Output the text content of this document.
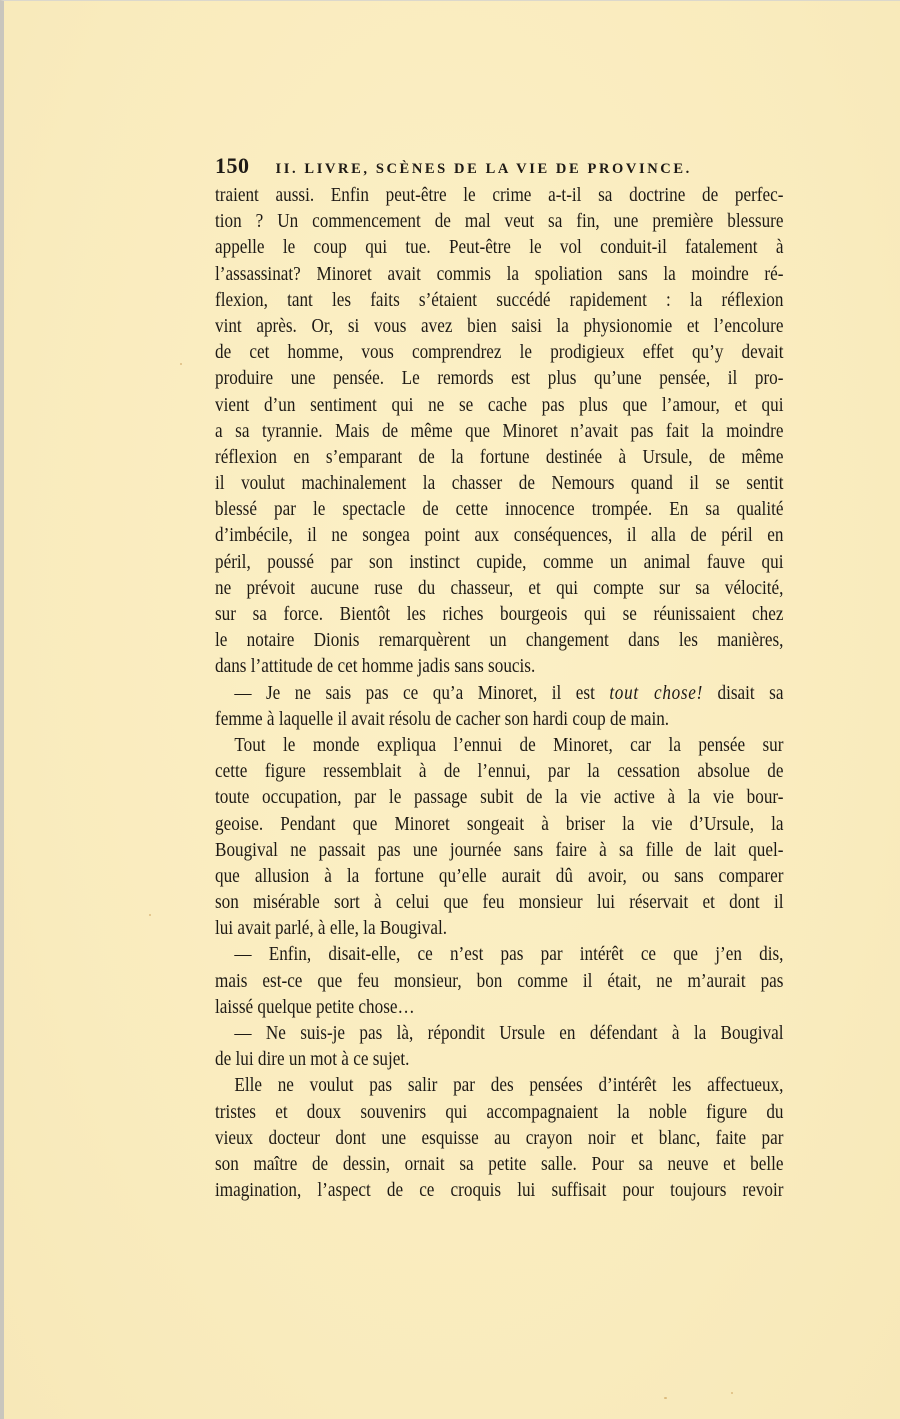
150 II. LIVRE, SCÈNES DE LA VIE DE PROVINCE.
traient aussi. Enfin peut-être le crime a-t-il sa doctrine de perfec-
tion ? Un commencement de mal veut sa fin, une première blessure
appelle le coup qui tue. Peut-être le vol conduit-il fatalement à
l’assassinat? Minoret avait commis la spoliation sans la moindre ré-
flexion, tant les faits s’étaient succédé rapidement : la réflexion
vint après. Or, si vous avez bien saisi la physionomie et l’encolure
de cet homme, vous comprendrez le prodigieux effet qu’y devait
produire une pensée. Le remords est plus qu’une pensée, il pro-
vient d’un sentiment qui ne se cache pas plus que l’amour, et qui
a sa tyrannie. Mais de même que Minoret n’avait pas fait la moindre
réflexion en s’emparant de la fortune destinée à Ursule, de même
il voulut machinalement la chasser de Nemours quand il se sentit
blessé par le spectacle de cette innocence trompée. En sa qualité
d’imbécile, il ne songea point aux conséquences, il alla de péril en
péril, poussé par son instinct cupide, comme un animal fauve qui
ne prévoit aucune ruse du chasseur, et qui compte sur sa vélocité,
sur sa force. Bientôt les riches bourgeois qui se réunissaient chez
le notaire Dionis remarquèrent un changement dans les manières,
dans l’attitude de cet homme jadis sans soucis.
— Je ne sais pas ce qu’a Minoret, il est tout chose! disait sa
femme à laquelle il avait résolu de cacher son hardi coup de main.
Tout le monde expliqua l’ennui de Minoret, car la pensée sur
cette figure ressemblait à de l’ennui, par la cessation absolue de
toute occupation, par le passage subit de la vie active à la vie bour-
geoise. Pendant que Minoret songeait à briser la vie d’Ursule, la
Bougival ne passait pas une journée sans faire à sa fille de lait quel-
que allusion à la fortune qu’elle aurait dû avoir, ou sans comparer
son misérable sort à celui que feu monsieur lui réservait et dont il
lui avait parlé, à elle, la Bougival.
— Enfin, disait-elle, ce n’est pas par intérêt ce que j’en dis,
mais est-ce que feu monsieur, bon comme il était, ne m’aurait pas
laissé quelque petite chose…
— Ne suis-je pas là, répondit Ursule en défendant à la Bougival
de lui dire un mot à ce sujet.
Elle ne voulut pas salir par des pensées d’intérêt les affectueux,
tristes et doux souvenirs qui accompagnaient la noble figure du
vieux docteur dont une esquisse au crayon noir et blanc, faite par
son maître de dessin, ornait sa petite salle. Pour sa neuve et belle
imagination, l’aspect de ce croquis lui suffisait pour toujours revoir
